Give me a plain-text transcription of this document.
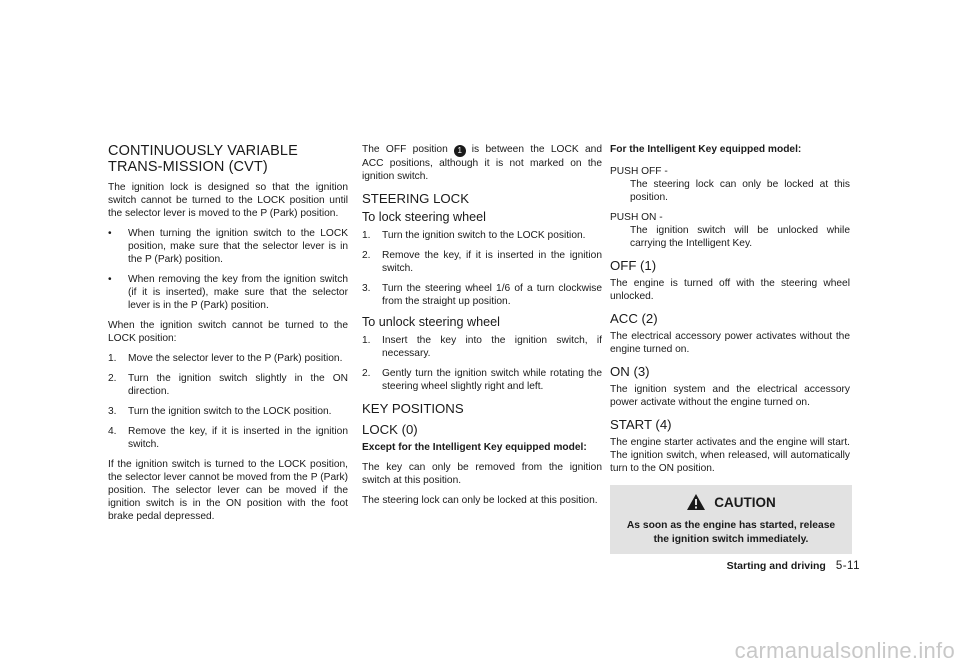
CONTINUOUSLY VARIABLE TRANS-MISSION (CVT)

The ignition lock is designed so that the ignition switch cannot be turned to the LOCK position until the selector lever is moved to the P (Park) position.

• When turning the ignition switch to the LOCK position, make sure that the selector lever is in the P (Park) position.
• When removing the key from the ignition switch (if it is inserted), make sure that the selector lever is in the P (Park) position.

When the ignition switch cannot be turned to the LOCK position:

1. Move the selector lever to the P (Park) position.
2. Turn the ignition switch slightly in the ON direction.
3. Turn the ignition switch to the LOCK position.
4. Remove the key, if it is inserted in the ignition switch.

If the ignition switch is turned to the LOCK position, the selector lever cannot be moved from the P (Park) position. The selector lever can be moved if the ignition switch is in the ON position with the foot brake pedal depressed.

The OFF position 1 is between the LOCK and ACC positions, although it is not marked on the ignition switch.

STEERING LOCK
To lock steering wheel
1. Turn the ignition switch to the LOCK position.
2. Remove the key, if it is inserted in the ignition switch.
3. Turn the steering wheel 1/6 of a turn clockwise from the straight up position.
To unlock steering wheel
1. Insert the key into the ignition switch, if necessary.
2. Gently turn the ignition switch while rotating the steering wheel slightly right and left.
KEY POSITIONS
LOCK (0)

Except for the Intelligent Key equipped model:

The key can only be removed from the ignition switch at this position.

The steering lock can only be locked at this position.

For the Intelligent Key equipped model:

PUSH OFF -
The steering lock can only be locked at this position.
PUSH ON -
The ignition switch will be unlocked while carrying the Intelligent Key.
OFF (1)

The engine is turned off with the steering wheel unlocked.

ACC (2)

The electrical accessory power activates without the engine turned on.

ON (3)

The ignition system and the electrical accessory power activate without the engine turned on.

START (4)

The engine starter activates and the engine will start. The ignition switch, when released, will automatically turn to the ON position.

CAUTION
As soon as the engine has started, release the ignition switch immediately.
Starting and driving 5-11
carmanualsonline.info
